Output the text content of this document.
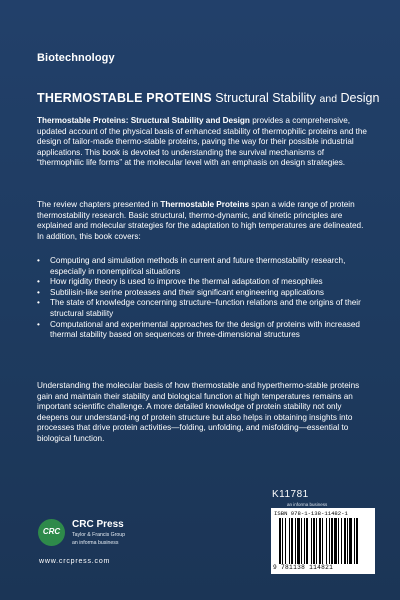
Biotechnology
THERMOSTABLE PROTEINS Structural Stability and Design
Thermostable Proteins: Structural Stability and Design provides a comprehensive, updated account of the physical basis of enhanced stability of thermophilic proteins and the design of tailor-made thermo-stable proteins, paving the way for their possible industrial applications. This book is devoted to understanding the survival mechanisms of “thermophilic life forms” at the molecular level with an emphasis on design strategies.
The review chapters presented in Thermostable Proteins span a wide range of protein thermostability research. Basic structural, thermo-dynamic, and kinetic principles are explained and molecular strategies for the adaptation to high temperatures are delineated. In addition, this book covers:
• Computing and simulation methods in current and future thermostability research, especially in nonempirical situations
• How rigidity theory is used to improve the thermal adaptation of mesophiles
• Subtilisin-like serine proteases and their significant engineering applications
• The state of knowledge concerning structure–function relations and the origins of their structural stability
• Computational and experimental approaches for the design of proteins with increased thermal stability based on sequences or three-dimensional structures
Understanding the molecular basis of how thermostable and hyperthermo-stable proteins gain and maintain their stability and biological function at high temperatures remains an important scientific challenge. A more detailed knowledge of protein stability not only deepens our understand-ing of protein structure but also helps in obtaining insights into processes that drive protein activities—folding, unfolding, and misfolding—essential to biological function.
K11781
an informa business
ISBN 978-1-138-11482-1
9 781138 114821
CRC
CRC Press
Taylor & Francis Group
an informa business
www.crcpress.com
